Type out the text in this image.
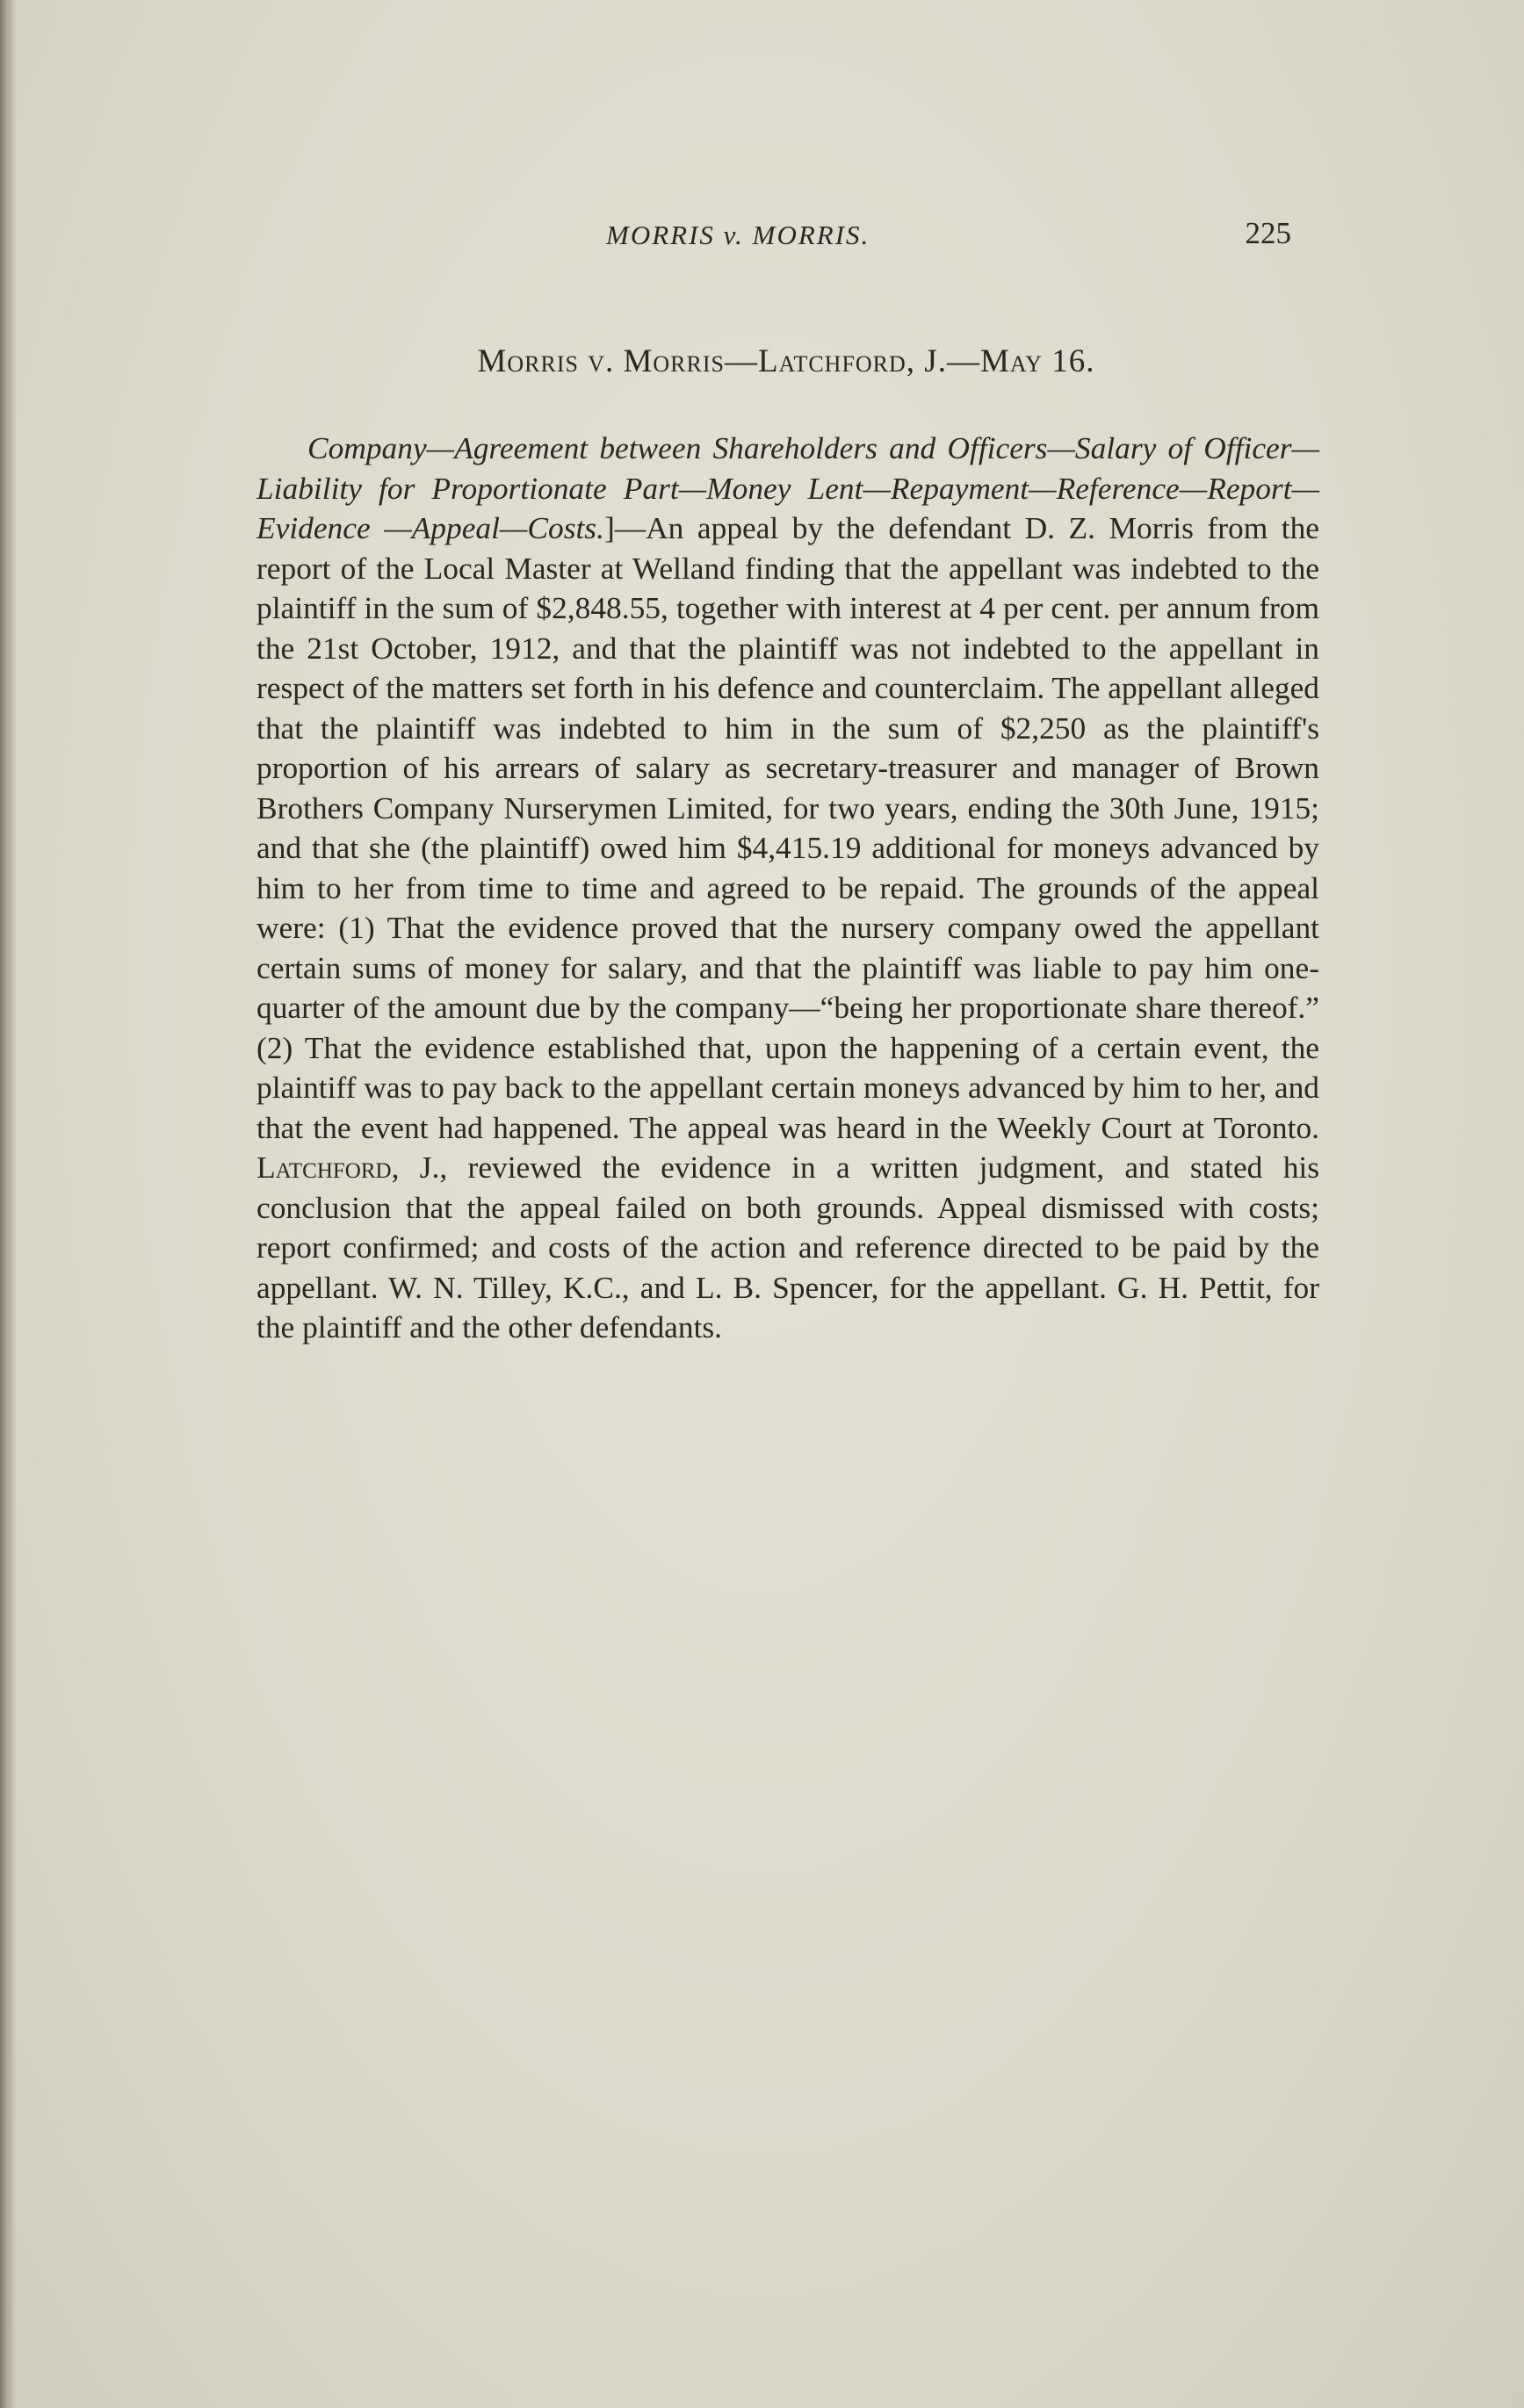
MORRIS v. MORRIS.	225
Morris v. Morris—Latchford, J.—May 16.

Company—Agreement between Shareholders and Officers—Salary of Officer—Liability for Proportionate Part—Money Lent—Repayment—Reference—Report—Evidence —Appeal—Costs.]—An appeal by the defendant D. Z. Morris from the report of the Local Master at Welland finding that the appellant was indebted to the plaintiff in the sum of $2,848.55, together with interest at 4 per cent. per annum from the 21st October, 1912, and that the plaintiff was not indebted to the appellant in respect of the matters set forth in his defence and counterclaim. The appellant alleged that the plaintiff was indebted to him in the sum of $2,250 as the plaintiff's proportion of his arrears of salary as secretary-treasurer and manager of Brown Brothers Company Nurserymen Limited, for two years, ending the 30th June, 1915; and that she (the plaintiff) owed him $4,415.19 additional for moneys advanced by him to her from time to time and agreed to be repaid. The grounds of the appeal were: (1) That the evidence proved that the nursery company owed the appellant certain sums of money for salary, and that the plaintiff was liable to pay him one-quarter of the amount due by the company—“being her proportionate share thereof.” (2) That the evidence established that, upon the happening of a certain event, the plaintiff was to pay back to the appellant certain moneys advanced by him to her, and that the event had happened. The appeal was heard in the Weekly Court at Toronto. Latchford, J., reviewed the evidence in a written judgment, and stated his conclusion that the appeal failed on both grounds. Appeal dismissed with costs; report confirmed; and costs of the action and reference directed to be paid by the appellant. W. N. Tilley, K.C., and L. B. Spencer, for the appellant. G. H. Pettit, for the plaintiff and the other defendants.
